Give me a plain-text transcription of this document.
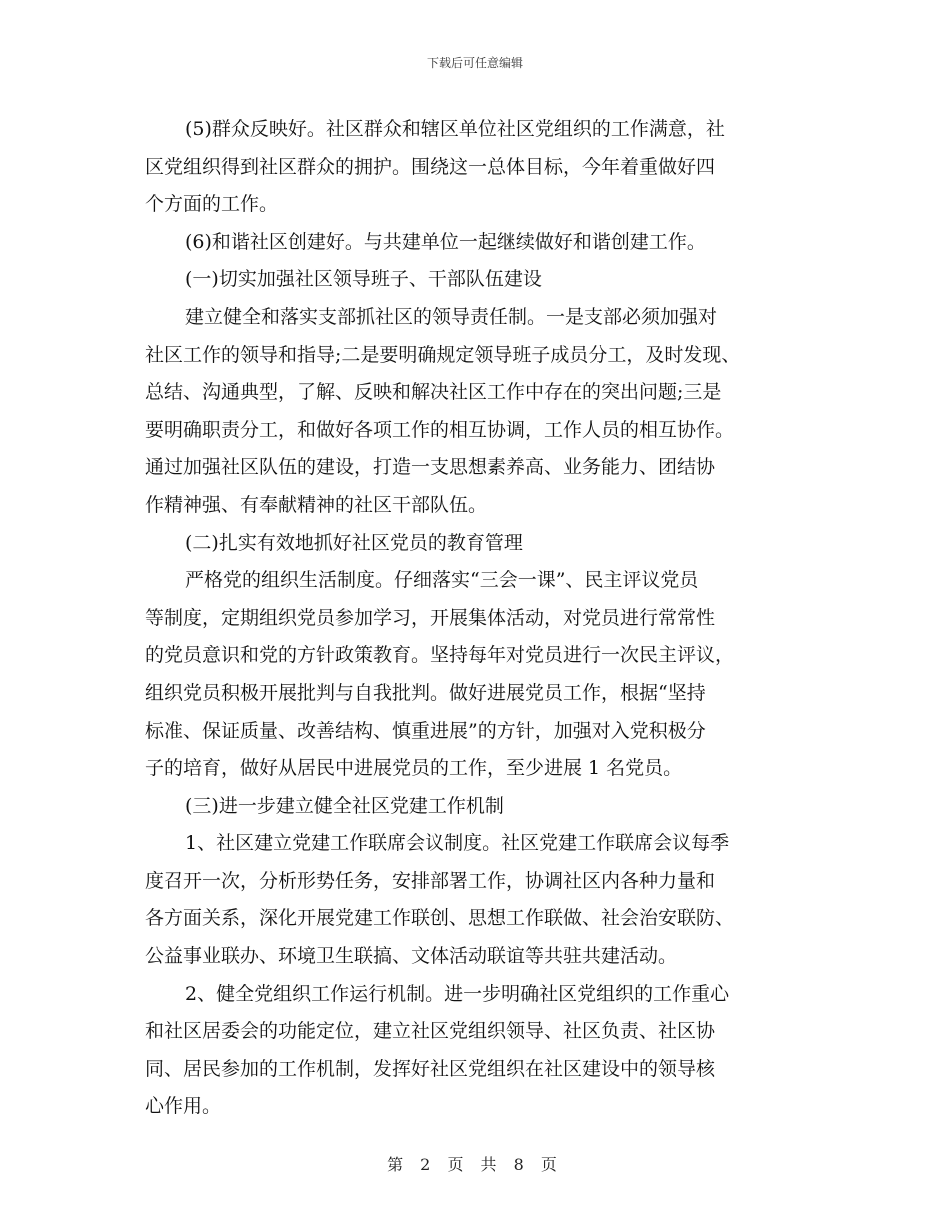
下载后可任意编辑
(5)群众反映好。社区群众和辖区单位社区党组织的工作满意，社
区党组织得到社区群众的拥护。围绕这一总体目标，今年着重做好四
个方面的工作。
(6)和谐社区创建好。与共建单位一起继续做好和谐创建工作。
(一)切实加强社区领导班子、干部队伍建设
建立健全和落实支部抓社区的领导责任制。一是支部必须加强对
社区工作的领导和指导;二是要明确规定领导班子成员分工，及时发现、
总结、沟通典型，了解、反映和解决社区工作中存在的突出问题;三是
要明确职责分工，和做好各项工作的相互协调，工作人员的相互协作。
通过加强社区队伍的建设，打造一支思想素养高、业务能力、团结协
作精神强、有奉献精神的社区干部队伍。
(二)扎实有效地抓好社区党员的教育管理
严格党的组织生活制度。仔细落实“三会一课”、民主评议党员
等制度，定期组织党员参加学习，开展集体活动，对党员进行常常性
的党员意识和党的方针政策教育。坚持每年对党员进行一次民主评议，
组织党员积极开展批判与自我批判。做好进展党员工作，根据“坚持
标准、保证质量、改善结构、慎重进展”的方针，加强对入党积极分
子的培育，做好从居民中进展党员的工作，至少进展 1 名党员。
(三)进一步建立健全社区党建工作机制
1、社区建立党建工作联席会议制度。社区党建工作联席会议每季
度召开一次，分析形势任务，安排部署工作，协调社区内各种力量和
各方面关系，深化开展党建工作联创、思想工作联做、社会治安联防、
公益事业联办、环境卫生联搞、文体活动联谊等共驻共建活动。
2、健全党组织工作运行机制。进一步明确社区党组织的工作重心
和社区居委会的功能定位，建立社区党组织领导、社区负责、社区协
同、居民参加的工作机制，发挥好社区党组织在社区建设中的领导核
心作用。
第 2 页 共 8 页
